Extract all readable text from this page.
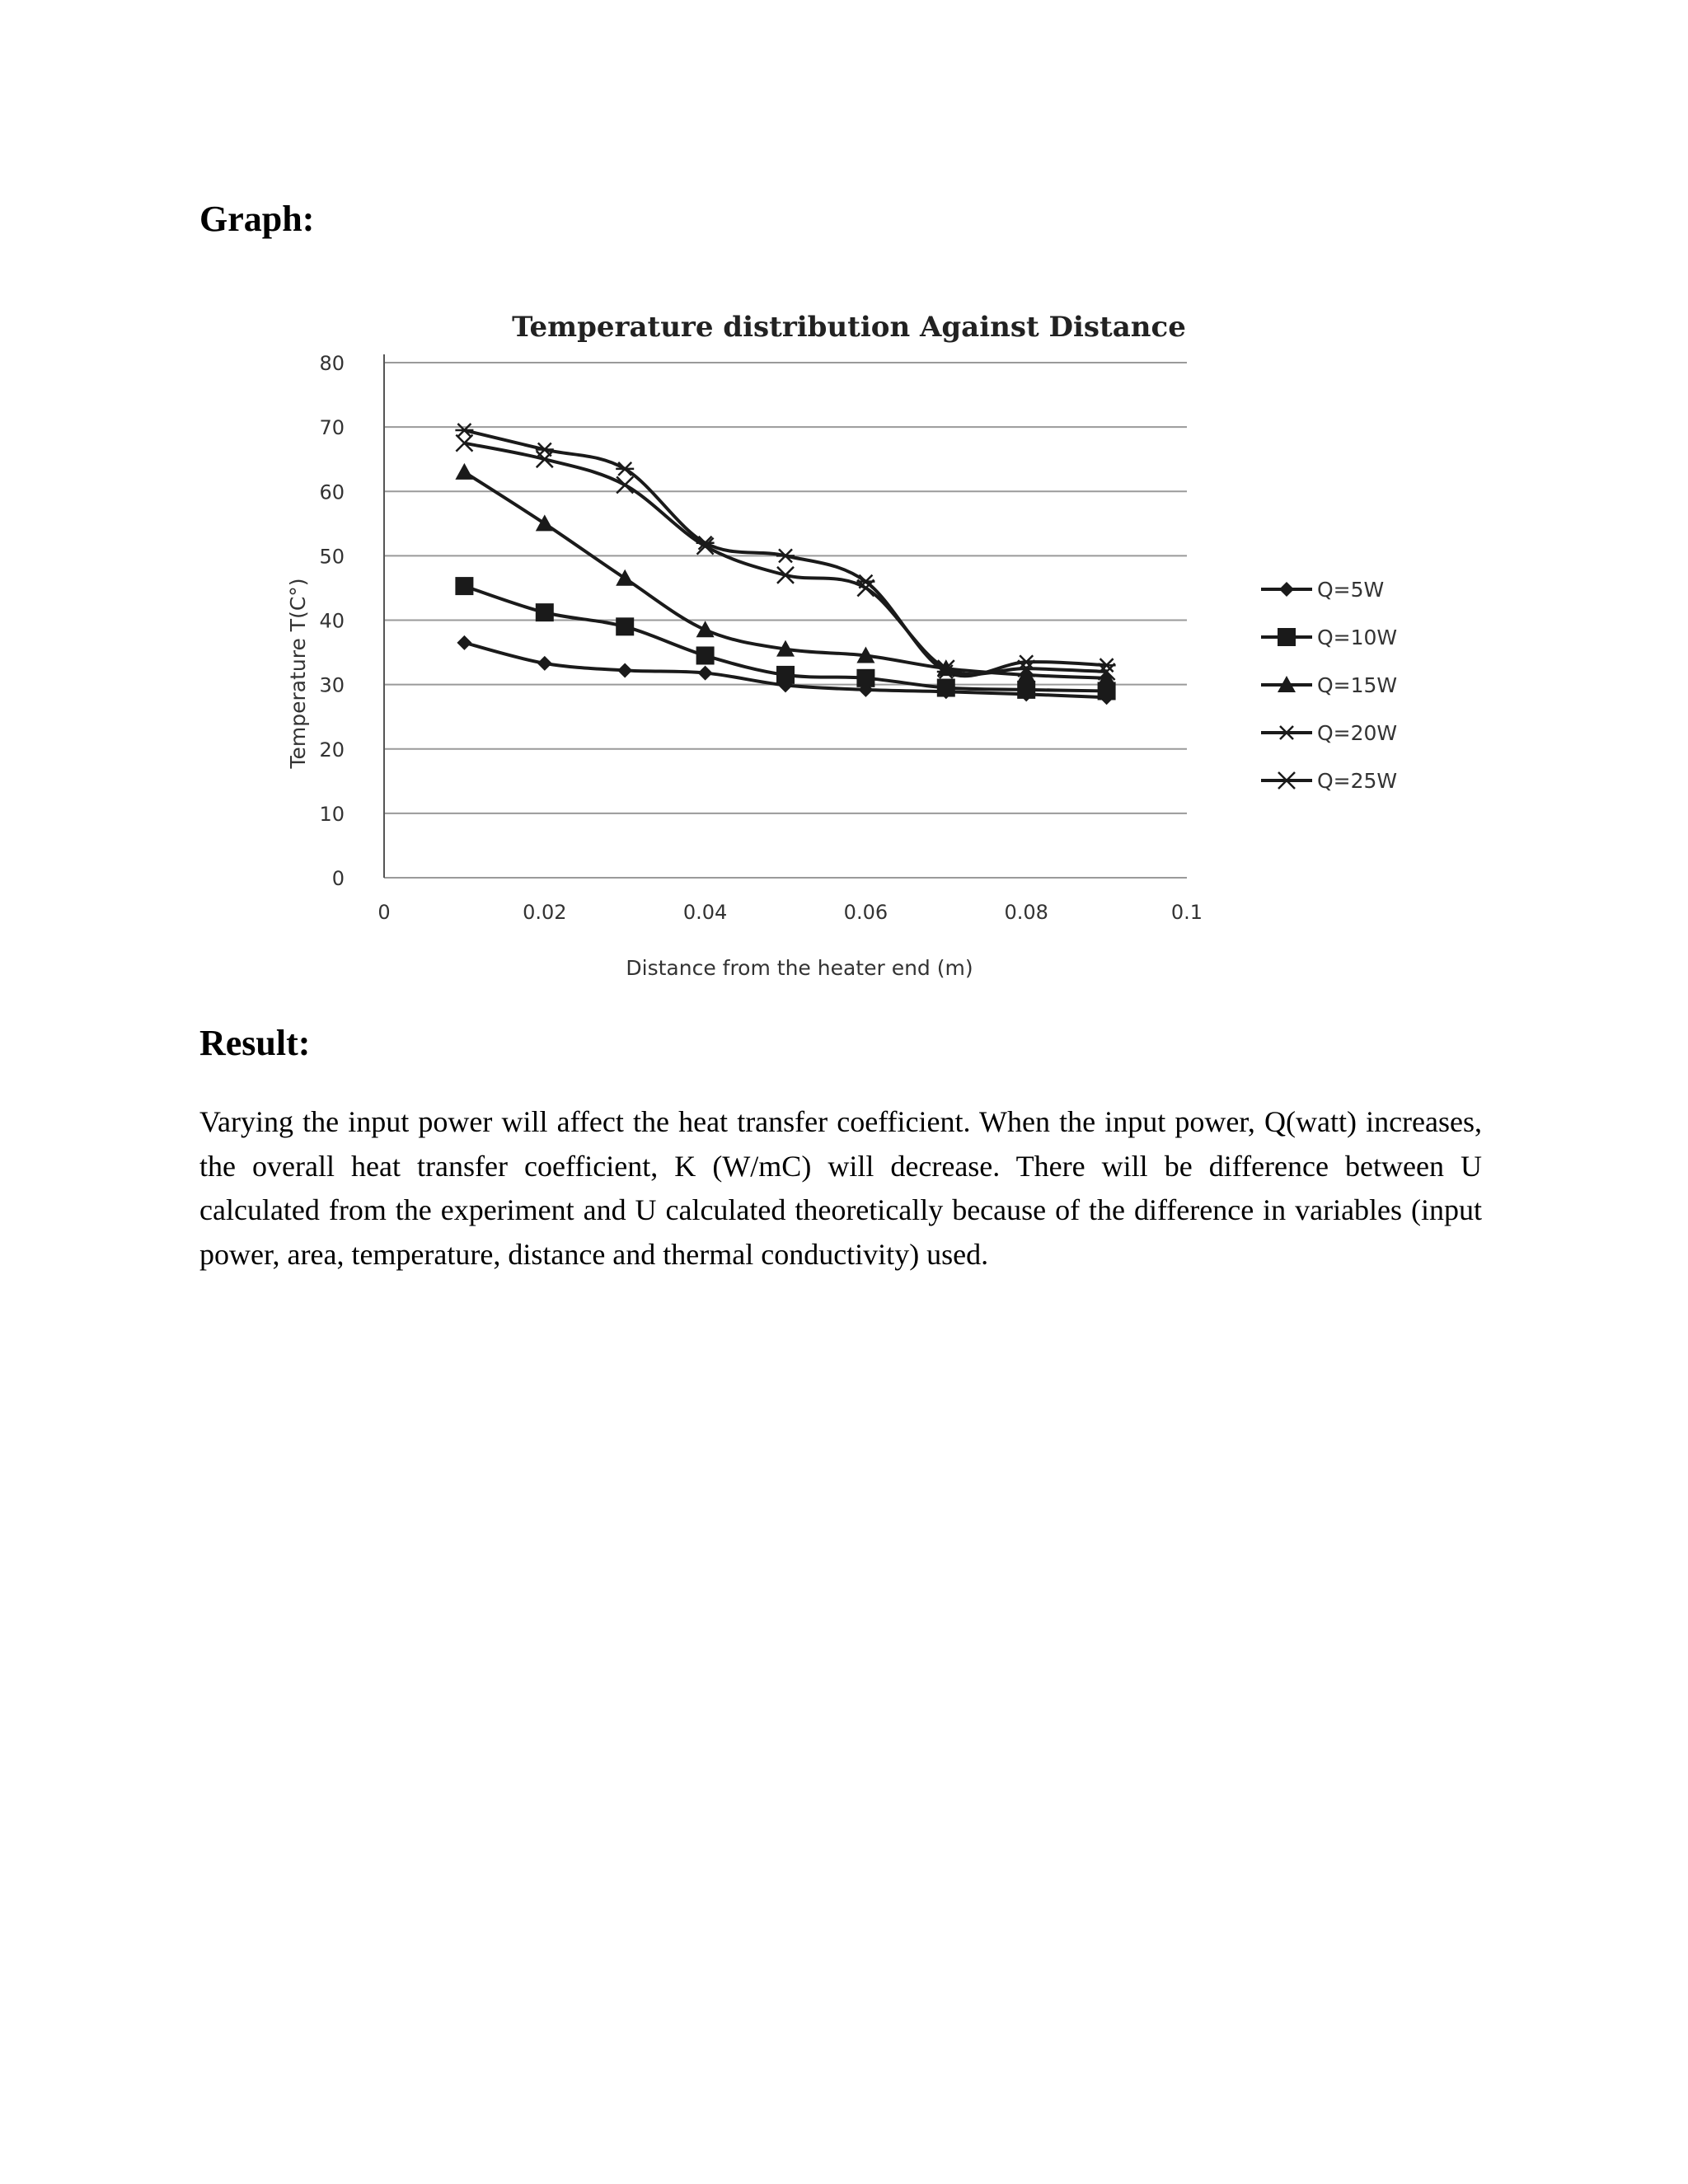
Graph:
Temperature distribution Against Distance
0
10
20
30
40
50
60
70
80
0	0.02	0.04	0.06	0.08	0.1
Distance from the heater end (m)
Temperature T(C°)	Q=5W
Q=10W
Q=15W
Q=20W
Q=25W
Result:

Varying the input power will affect the heat transfer coefficient. When the input power, Q(watt) increases, the overall heat transfer coefficient, K (W/mC) will decrease. There will be difference between U calculated from the experiment and U calculated theoretically because of the difference in variables (input power, area, temperature, distance and thermal conductivity) used.
